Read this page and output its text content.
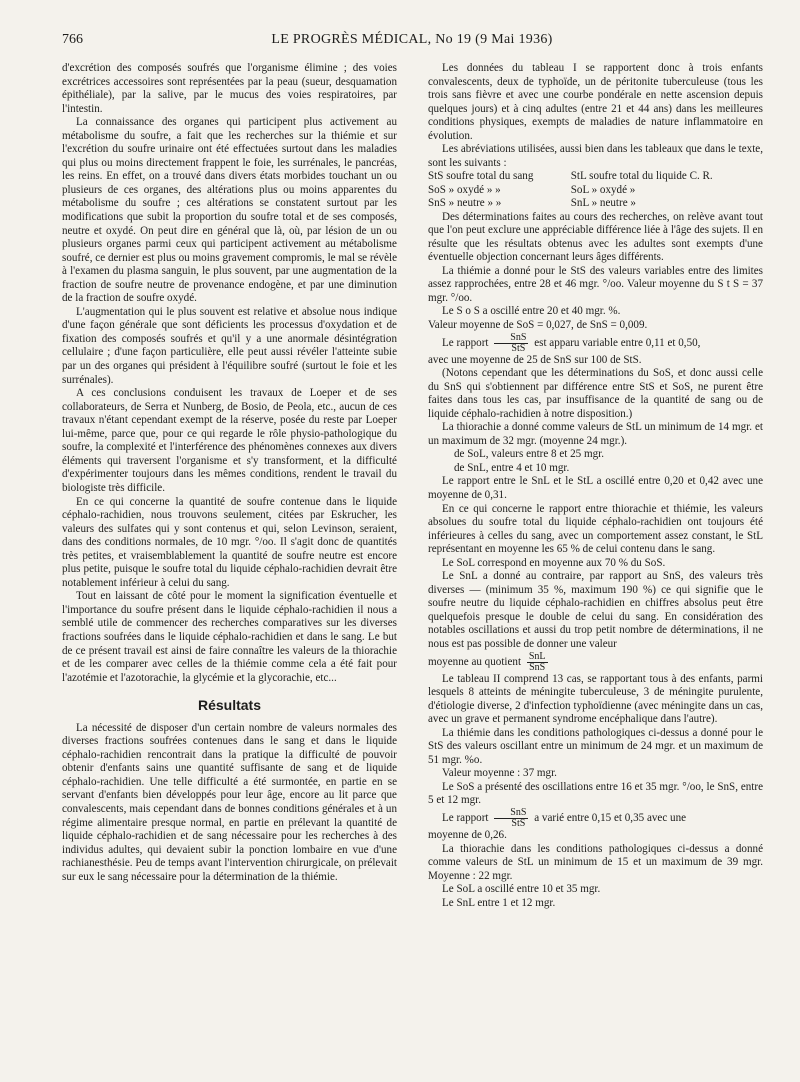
766	LE PROGRÈS MÉDICAL, No 19 (9 Mai 1936)

d'excrétion des composés soufrés que l'organisme élimine ; des voies excrétrices accessoires sont représentées par la peau (sueur, desquamation épithéliale), par la salive, par le mucus des voies respiratoires, par l'intestin.

La connaissance des organes qui participent plus activement au métabolisme du soufre, a fait que les recherches sur la thiémie et sur l'excrétion du soufre urinaire ont été effectuées surtout dans les maladies qui plus ou moins directement frappent le foie, les surrénales, le pancréas, les reins. En effet, on a trouvé dans divers états morbides touchant un ou plusieurs de ces organes, des altérations plus ou moins apparentes du métabolisme du soufre ; ces altérations se constatent surtout par les modifications que subit la proportion du soufre total et de ses composés, neutre et oxydé. On peut dire en général que là, où, par lésion de un ou plusieurs organes parmi ceux qui participent activement au métabolisme soufré, ce dernier est plus ou moins gravement compromis, le mal se révèle à l'examen du plasma sanguin, le plus souvent, par une augmentation de la fraction de soufre neutre de provenance endogène, et par une diminution de la fraction de soufre oxydé.

L'augmentation qui le plus souvent est relative et absolue nous indique d'une façon générale que sont déficients les processus d'oxydation et de fixation des composés soufrés et qu'il y a une anormale désintégration cellulaire ; d'une façon particulière, elle peut aussi révéler l'atteinte subie par un des organes qui président à l'équilibre soufré (surtout le foie et les surrénales).

A ces conclusions conduisent les travaux de Loeper et de ses collaborateurs, de Serra et Nunberg, de Bosio, de Peola, etc., aucun de ces travaux n'étant cependant exempt de la réserve, posée du reste par Loeper lui-même, parce que, pour ce qui regarde le rôle physio-pathologique du soufre, la complexité et l'interférence des phénomènes connexes aux divers éléments qui traversent l'organisme et s'y transforment, et la difficulté d'expérimenter toujours dans les mêmes conditions, rendent le travail du biologiste très difficile.

En ce qui concerne la quantité de soufre contenue dans le liquide céphalo-rachidien, nous trouvons seulement, citées par Eskrucher, les valeurs des sulfates qui y sont contenus et qui, selon Levinson, seraient, dans des conditions normales, de 10 mgr. °/oo. Il s'agit donc de quantités très petites, et vraisemblablement la quantité de soufre neutre est encore plus petite, puisque le soufre total du liquide céphalo-rachidien devrait être notablement inférieur à celui du sang.

Tout en laissant de côté pour le moment la signification éventuelle et l'importance du soufre présent dans le liquide céphalo-rachidien il nous a semblé utile de commencer des recherches comparatives sur les diverses fractions soufrées dans le liquide céphalo-rachidien et dans le sang. Le but de ce présent travail est ainsi de faire connaître les valeurs de la thiorachie et de les comparer avec celles de la thiémie comme cela a été fait pour l'azotémie et l'azotorachie, la glycémie et la glycorachie, etc...

Résultats

La nécessité de disposer d'un certain nombre de valeurs normales des diverses fractions soufrées contenues dans le sang et dans le liquide céphalo-rachidien rencontrait dans la pratique la difficulté de pouvoir obtenir d'enfants sains une quantité suffisante de sang et de liquide céphalo-rachidien. Une telle difficulté a été surmontée, en partie en se servant d'enfants bien développés pour leur âge, encore au lit parce que convalescents, mais cependant dans de bonnes conditions générales et à un régime alimentaire presque normal, en partie en prélevant la quantité de liquide céphalo-rachidien et de sang nécessaire pour les recherches à des individus adultes, qui devaient subir la ponction lombaire en vue d'une rachianesthésie. Peu de temps avant l'intervention chirurgicale, on prélevait sur eux le sang nécessaire pour la détermination de la thiémie.

Les données du tableau I se rapportent donc à trois enfants convalescents, deux de typhoïde, un de péritonite tuberculeuse (tous les trois sans fièvre et avec une courbe pondérale en nette ascension depuis quelques jours) et à cinq adultes (entre 21 et 44 ans) dans les meilleures conditions physiques, exempts de maladies de nature inflammatoire en évolution.

Les abréviations utilisées, aussi bien dans les tableaux que dans le texte, sont les suivants :

StS soufre total du sang	StL soufre total du liquide C. R.
SoS » oxydé » »	SoL » oxydé »
SnS » neutre » »	SnL » neutre »

Des déterminations faites au cours des recherches, on relève avant tout que l'on peut exclure une appréciable différence liée à l'âge des sujets. Il en résulte que les résultats obtenus avec les adultes sont exempts d'une éventuelle objection concernant leurs âges différents.

La thiémie a donné pour le StS des valeurs variables entre des limites assez rapprochées, entre 28 et 46 mgr. °/oo. Valeur moyenne du S t S = 37 mgr. °/oo.

Le S o S a oscillé entre 20 et 40 mgr. %.

Valeur moyenne de SoS = 0,027, de SnS = 0,009.

Le rapport $\frac{\text{SnS}}{\text{StS}}$ est apparu variable entre 0,11 et 0,50,

avec une moyenne de 25 de SnS sur 100 de StS.

(Notons cependant que les déterminations du SoS, et donc aussi celle du SnS qui s'obtiennent par différence entre StS et SoS, ne purent être faites dans tous les cas, par insuffisance de la quantité de sang ou de liquide céphalo-rachidien à notre disposition.)

La thiorachie a donné comme valeurs de StL un minimum de 14 mgr. et un maximum de 32 mgr. (moyenne 24 mgr.).

de SoL, valeurs entre 8 et 25 mgr.

de SnL, entre 4 et 10 mgr.

Le rapport entre le SnL et le StL a oscillé entre 0,20 et 0,42 avec une moyenne de 0,31.

En ce qui concerne le rapport entre thiorachie et thiémie, les valeurs absolues du soufre total du liquide céphalo-rachidien ont toujours été inférieures à celles du sang, avec un comportement assez constant, le StL représentant en moyenne les 65 % de celui contenu dans le sang.

Le SoL correspond en moyenne aux 70 % du SoS.

Le SnL a donné au contraire, par rapport au SnS, des valeurs très diverses — (minimum 35 %, maximum 190 %) ce qui signifie que le soufre neutre du liquide céphalo-rachidien en chiffres absolus peut être quelquefois presque le double de celui du sang. En considération des notables oscillations et aussi du trop petit nombre de déterminations, il ne nous est pas possible de donner une valeur

moyenne au quotient $\frac{\text{SnL}}{\text{SnS}}$

Le tableau II comprend 13 cas, se rapportant tous à des enfants, parmi lesquels 8 atteints de méningite tuberculeuse, 3 de méningite purulente, d'étiologie diverse, 2 d'infection typhoïdienne (avec méningite dans un cas, avec un grave et permanent syndrome encéphalique dans l'autre).

La thiémie dans les conditions pathologiques ci-dessus a donné pour le StS des valeurs oscillant entre un minimum de 24 mgr. et un maximum de 51 mgr. %o.

Valeur moyenne : 37 mgr.

Le SoS a présenté des oscillations entre 16 et 35 mgr. °/oo, le SnS, entre 5 et 12 mgr.

Le rapport $\frac{\text{SnS}}{\text{StS}}$ a varié entre 0,15 et 0,35 avec une

moyenne de 0,26.

La thiorachie dans les conditions pathologiques ci-dessus a donné comme valeurs de StL un minimum de 15 et un maximum de 39 mgr. Moyenne : 22 mgr.

Le SoL a oscillé entre 10 et 35 mgr.

Le SnL entre 1 et 12 mgr.
